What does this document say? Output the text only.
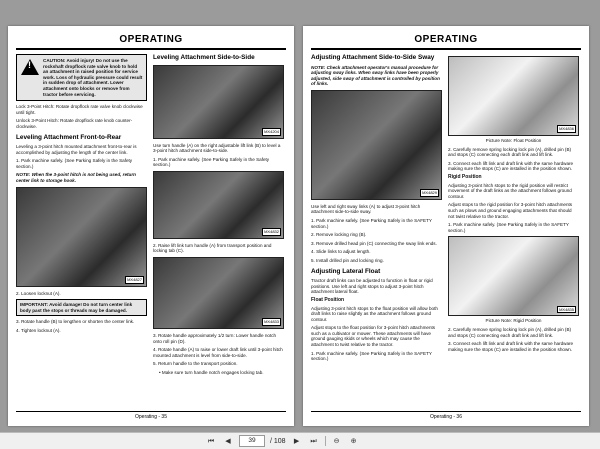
OPERATING
!
CAUTION: Avoid injury! Do not use the rockshaft dropflock rate valve knob to hold an attachment in raised position for service work. Loss of hydraulic pressure could result in sudden drop of attachment. Lower attachment onto blocks or remove from tractor before servicing.

Lock 3-Point Hitch: Rotate dropflock rate valve knob clockwise until tight.

Unlock 3-Point Hitch: Rotate dropflock rate knob counter-clockwise.

Leveling Attachment Front-to-Rear

Leveling a 3-point hitch mounted attachment front-to-rear is accomplished by adjusting the length of the center link.

1. Park machine safely. (See Parking Safely in the Safety section.)

NOTE: When the 3-point hitch is not being used, return center link to storage hook.

MX4827

2. Loosen locknut (A).

IMPORTANT: Avoid damage! Do not turn center link body past the stops or threads may be damaged.

3. Rotate handle (B) to lengthen or shorten the center link.

4. Tighten locknut (A).

Leveling Attachment Side-to-Side
MX4204

Use turn handle (A) on the right adjustable lift link (B) to level a 3-point hitch attachment side-to-side.

1. Park machine safely. (See Parking Safely in the Safety section.)

MX4832

2. Raise lift link turn handle (A) from transport position and locking tab (C).

MX4833

3. Rotate handle approximately 1/2 turn: Lower handle notch onto roll pin (D).

4. Rotate handle (A) to raise or lower draft link until 3-point hitch mounted attachment is level from side-to-side.

5. Return handle to the transport position.

• Make sure turn handle notch engages locking tab.

Operating - 35
OPERATING
Adjusting Attachment Side-to-Side Sway

NOTE: Check attachment operator's manual procedure for adjusting sway links. When sway links have been properly adjusted, side sway of attachment is controlled by position of links.

MX4829

Use left and right sway links (A) to adjust 3-point hitch attachment side-to-side sway.

1. Park machine safely. (See Parking Safely in the SAFETY section.)

2. Remove locking ring (B).

3. Remove drilled head pin (C) connecting the sway link ends.

4. Slide links to adjust length.

5. Install drilled pin and locking ring.

Adjusting Lateral Float

Tractor draft links can be adjusted to function in float or rigid positions. Use left and right stops to adjust 3-point hitch attachment lateral float.

Float Position

Adjusting 3-point hitch stops to the float position will allow both draft links to raise slightly as the attachment follows ground contour.

Adjust stops to the float position for 3-point hitch attachments such as a cultivator or mower. These attachments will have ground gauging skids or wheels which may cause the attachment to twist relative to the tractor.

1. Park machine safely. (See Parking Safely in the SAFETY section.)

MX4836
Picture Note: Float Position

2. Carefully remove spring locking lock pin (A), drilled pin (B) and stops (C) connecting each draft link and lift link.

3. Connect each lift link and draft link with the same hardware making sure the stops (C) are installed in the position shown.

Rigid Position

Adjusting 3-point hitch stops to the rigid position will restrict movement of the draft links as the attachment follows ground contour.

Adjust stops to the rigid position for 3-point hitch attachments such as plows and ground engaging attachments that should not twist relative to the tractor.

1. Park machine safely. (See Parking Safely in the SAFETY section.)

MX4835
Picture Note: Rigid Position

2. Carefully remove spring locking lock pin (A), drilled pin (B) and stops (C) connecting each draft link and lift link.

3. Connect each lift link and draft link with the same hardware making sure the stops (C) are installed in the position shown.

Operating - 36
⏮	◀	39	/ 108	▶	⏭	⊖	⊕
